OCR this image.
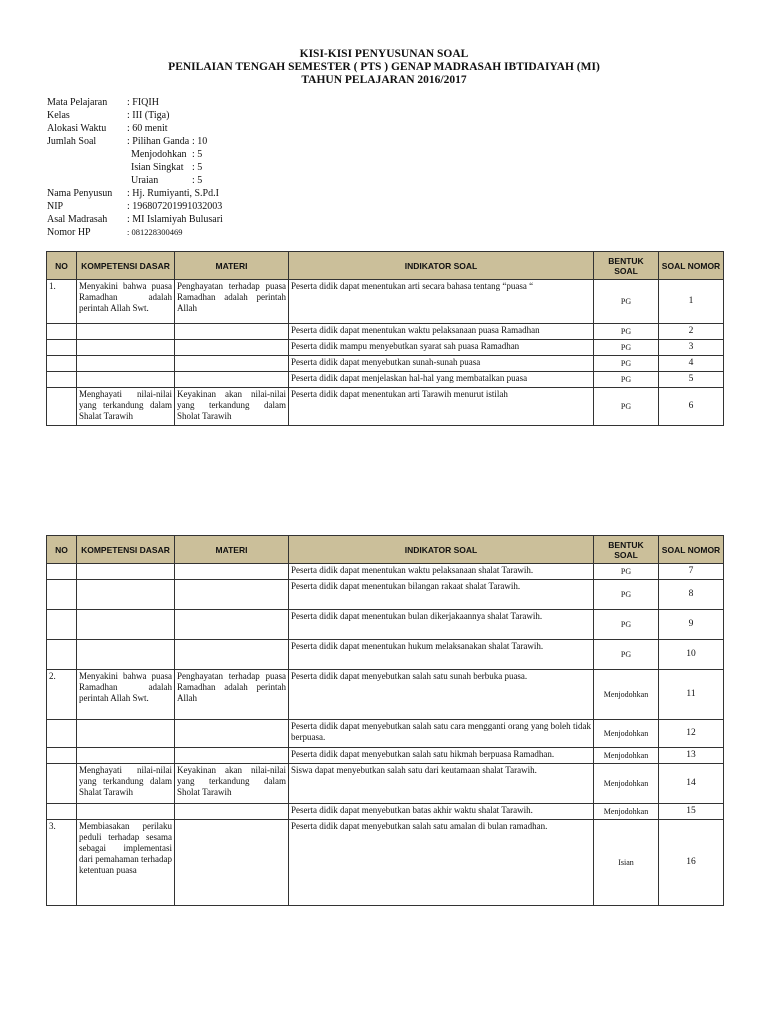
KISI-KISI PENYUSUNAN SOAL
PENILAIAN TENGAH SEMESTER ( PTS ) GENAP MADRASAH IBTIDAIYAH (MI)
TAHUN PELAJARAN 2016/2017
Mata Pelajaran	: FIQIH
Kelas	: III (Tiga)
Alokasi Waktu	: 60 menit
Jumlah Soal	: Pilihan Ganda : 10
Menjodohkan : 5
Isian Singkat : 5
Uraian	: 5
Nama Penyusun	: Hj. Rumiyanti, S.Pd.I
NIP	: 196807201991032003
Asal Madrasah	: MI Islamiyah Bulusari
Nomor HP	: 081228300469
NO	KOMPETENSI DASAR	MATERI	INDIKATOR SOAL	BENTUK SOAL	SOAL NOMOR
1.	Menyakini bahwa puasa Ramadhan adalah perintah Allah Swt.	Penghayatan terhadap puasa Ramadhan adalah perintah Allah	Peserta didik dapat menentukan arti secara bahasa tentang “puasa “	PG	1
			Peserta didik dapat menentukan waktu pelaksanaan puasa Ramadhan	PG	2
			Peserta didik mampu menyebutkan syarat sah puasa Ramadhan	PG	3
			Peserta didik dapat menyebutkan sunah-sunah puasa	PG	4
			Peserta didik dapat menjelaskan hal-hal yang membatalkan puasa	PG	5
	Menghayati nilai-nilai yang terkandung dalam Shalat Tarawih	Keyakinan akan nilai-nilai yang terkandung dalam Sholat Tarawih	Peserta didik dapat menentukan arti Tarawih menurut istilah	PG	6
NO	KOMPETENSI DASAR	MATERI	INDIKATOR SOAL	BENTUK SOAL	SOAL NOMOR
			Peserta didik dapat menentukan waktu pelaksanaan shalat Tarawih.	PG	7
			Peserta didik dapat menentukan bilangan rakaat shalat Tarawih.	PG	8
			Peserta didik dapat menentukan bulan dikerjakaannya shalat Tarawih.	PG	9
			Peserta didik dapat menentukan hukum melaksanakan shalat Tarawih.	PG	10
2.	Menyakini bahwa puasa Ramadhan adalah perintah Allah Swt.	Penghayatan terhadap puasa Ramadhan adalah perintah Allah	Peserta didik dapat menyebutkan salah satu sunah berbuka puasa.	Menjodohkan	11
			Peserta didik dapat menyebutkan salah satu cara mengganti orang yang boleh tidak berpuasa.	Menjodohkan	12
			Peserta didik dapat menyebutkan salah satu hikmah berpuasa Ramadhan.	Menjodohkan	13
	Menghayati nilai-nilai yang terkandung dalam Shalat Tarawih	Keyakinan akan nilai-nilai yang terkandung dalam Sholat Tarawih	Siswa dapat menyebutkan salah satu dari keutamaan shalat Tarawih.	Menjodohkan	14
			Peserta didik dapat menyebutkan batas akhir waktu shalat Tarawih.	Menjodohkan	15
3.	Membiasakan perilaku peduli terhadap sesama sebagai implementasi dari pemahaman terhadap ketentuan puasa		Peserta didik dapat menyebutkan salah satu amalan di bulan ramadhan.	Isian	16
